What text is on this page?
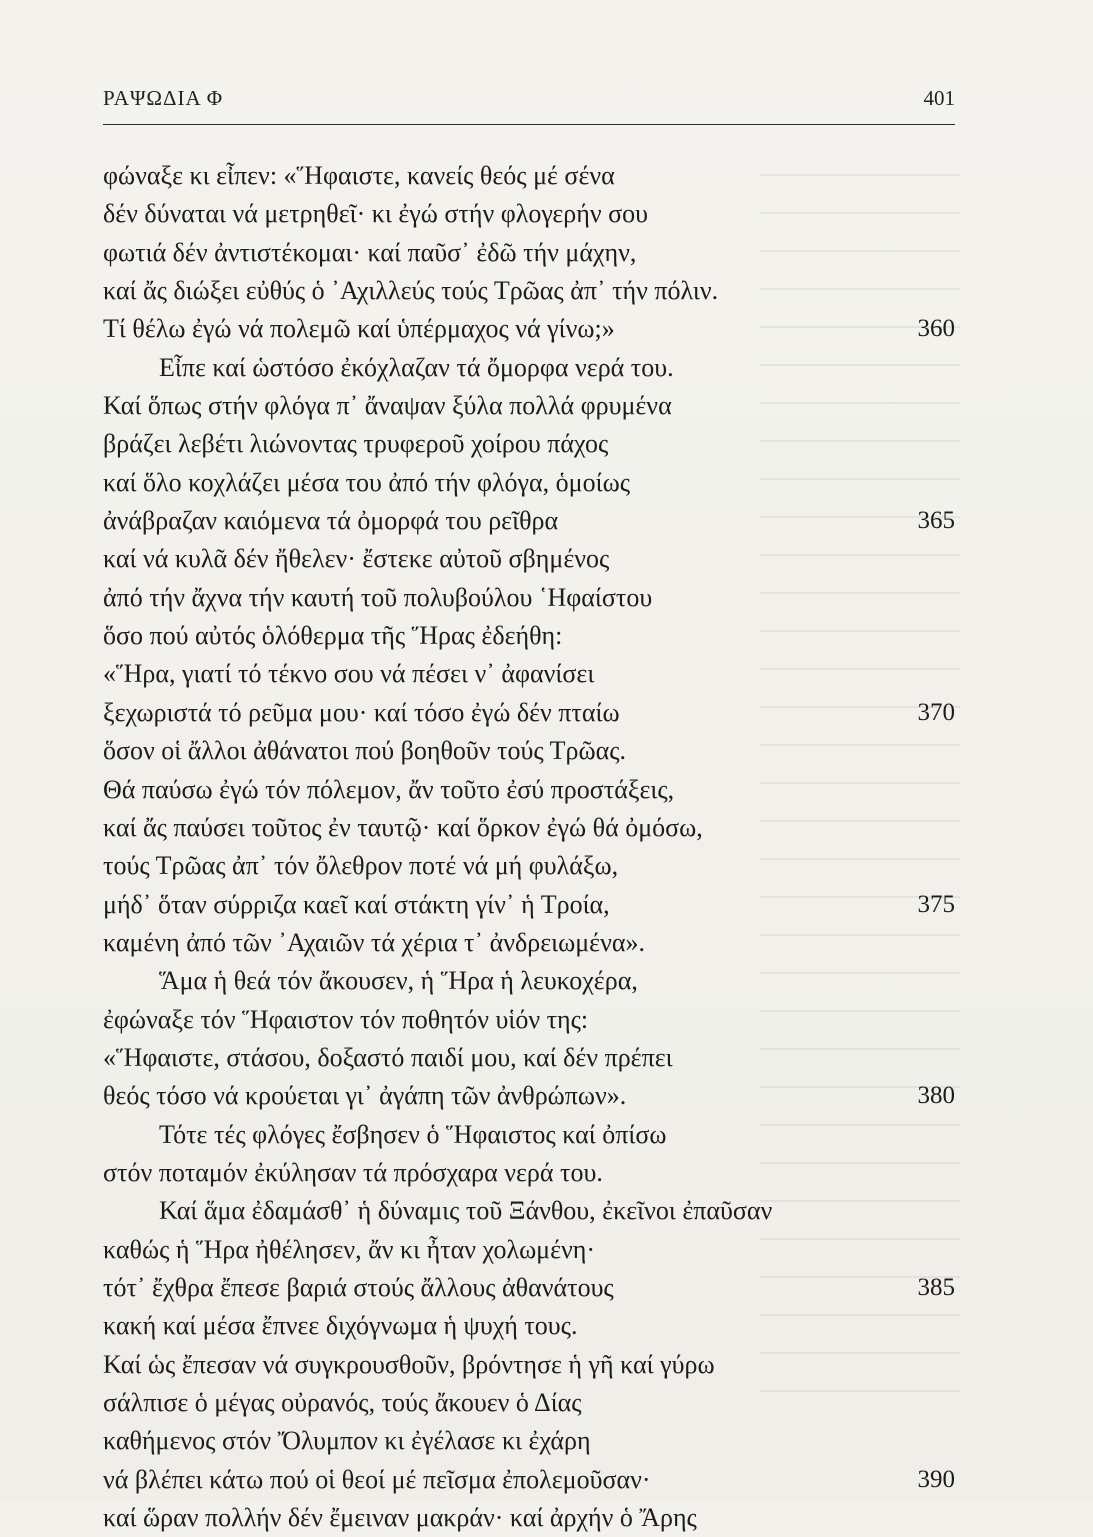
ΡΑΨΩΔΙΑ Φ	401
φώναξε κι εἶπεν: «Ἥφαιστε, κανείς θεός μέ σένα
δέν δύναται νά μετρηθεῖ· κι ἐγώ στήν φλογερήν σου
φωτιά δέν ἀντιστέκομαι· καί παῦσ᾽ ἐδῶ τήν μάχην,
καί ἄς διώξει εὐθύς ὁ ᾽Αχιλλεύς τούς Τρῶας ἀπ᾽ τήν πόλιν.
Τί θέλω ἐγώ νά πολεμῶ καί ὑπέρμαχος νά γίνω;»	360
Εἶπε καί ὡστόσο ἐκόχλαζαν τά ὄμορφα νερά του.
Καί ὅπως στήν φλόγα π᾽ ἄναψαν ξύλα πολλά φρυμένα
βράζει λεβέτι λιώνοντας τρυφεροῦ χοίρου πάχος
καί ὅλο κοχλάζει μέσα του ἀπό τήν φλόγα, ὁμοίως
ἀνάβραζαν καιόμενα τά ὀμορφά του ρεῖθρα	365
καί νά κυλᾶ δέν ἤθελεν· ἔστεκε αὐτοῦ σβημένος
ἀπό τήν ἄχνα τήν καυτή τοῦ πολυβούλου ῾Ηφαίστου
ὅσο πού αὐτός ὁλόθερμα τῆς Ἥρας ἐδεήθη:
«Ἥρα, γιατί τό τέκνο σου νά πέσει ν᾽ ἀφανίσει
ξεχωριστά τό ρεῦμα μου· καί τόσο ἐγώ δέν πταίω	370
ὅσον οἱ ἄλλοι ἀθάνατοι πού βοηθοῦν τούς Τρῶας.
Θά παύσω ἐγώ τόν πόλεμον, ἄν τοῦτο ἐσύ προστάξεις,
καί ἄς παύσει τοῦτος ἐν ταυτῷ· καί ὅρκον ἐγώ θά ὀμόσω,
τούς Τρῶας ἀπ᾽ τόν ὄλεθρον ποτέ νά μή φυλάξω,
μήδ᾽ ὅταν σύρριζα καεῖ καί στάκτη γίν᾽ ἡ Τροία,	375
καμένη ἀπό τῶν ᾽Αχαιῶν τά χέρια τ᾽ ἀνδρειωμένα».
Ἅμα ἡ θεά τόν ἄκουσεν, ἡ Ἥρα ἡ λευκοχέρα,
ἐφώναξε τόν Ἥφαιστον τόν ποθητόν υἱόν της:
«Ἥφαιστε, στάσου, δοξαστό παιδί μου, καί δέν πρέπει
θεός τόσο νά κρούεται γι᾽ ἀγάπη τῶν ἀνθρώπων».	380
Τότε τές φλόγες ἔσβησεν ὁ Ἥφαιστος καί ὀπίσω
στόν ποταμόν ἐκύλησαν τά πρόσχαρα νερά του.
Καί ἅμα ἐδαμάσθ᾽ ἡ δύναμις τοῦ Ξάνθου, ἐκεῖνοι ἐπαῦσαν
καθώς ἡ Ἥρα ἠθέλησεν, ἄν κι ἦταν χολωμένη·
τότ᾽ ἔχθρα ἔπεσε βαριά στούς ἄλλους ἀθανάτους	385
κακή καί μέσα ἔπνεε διχόγνωμα ἡ ψυχή τους.
Καί ὡς ἔπεσαν νά συγκρουσθοῦν, βρόντησε ἡ γῆ καί γύρω
σάλπισε ὁ μέγας οὐρανός, τούς ἄκουεν ὁ Δίας
καθήμενος στόν Ὄλυμπον κι ἐγέλασε κι ἐχάρη
νά βλέπει κάτω πού οἱ θεοί μέ πεῖσμα ἐπολεμοῦσαν·	390
καί ὥραν πολλήν δέν ἔμειναν μακράν· καί ἀρχήν ὁ Ἄρης
